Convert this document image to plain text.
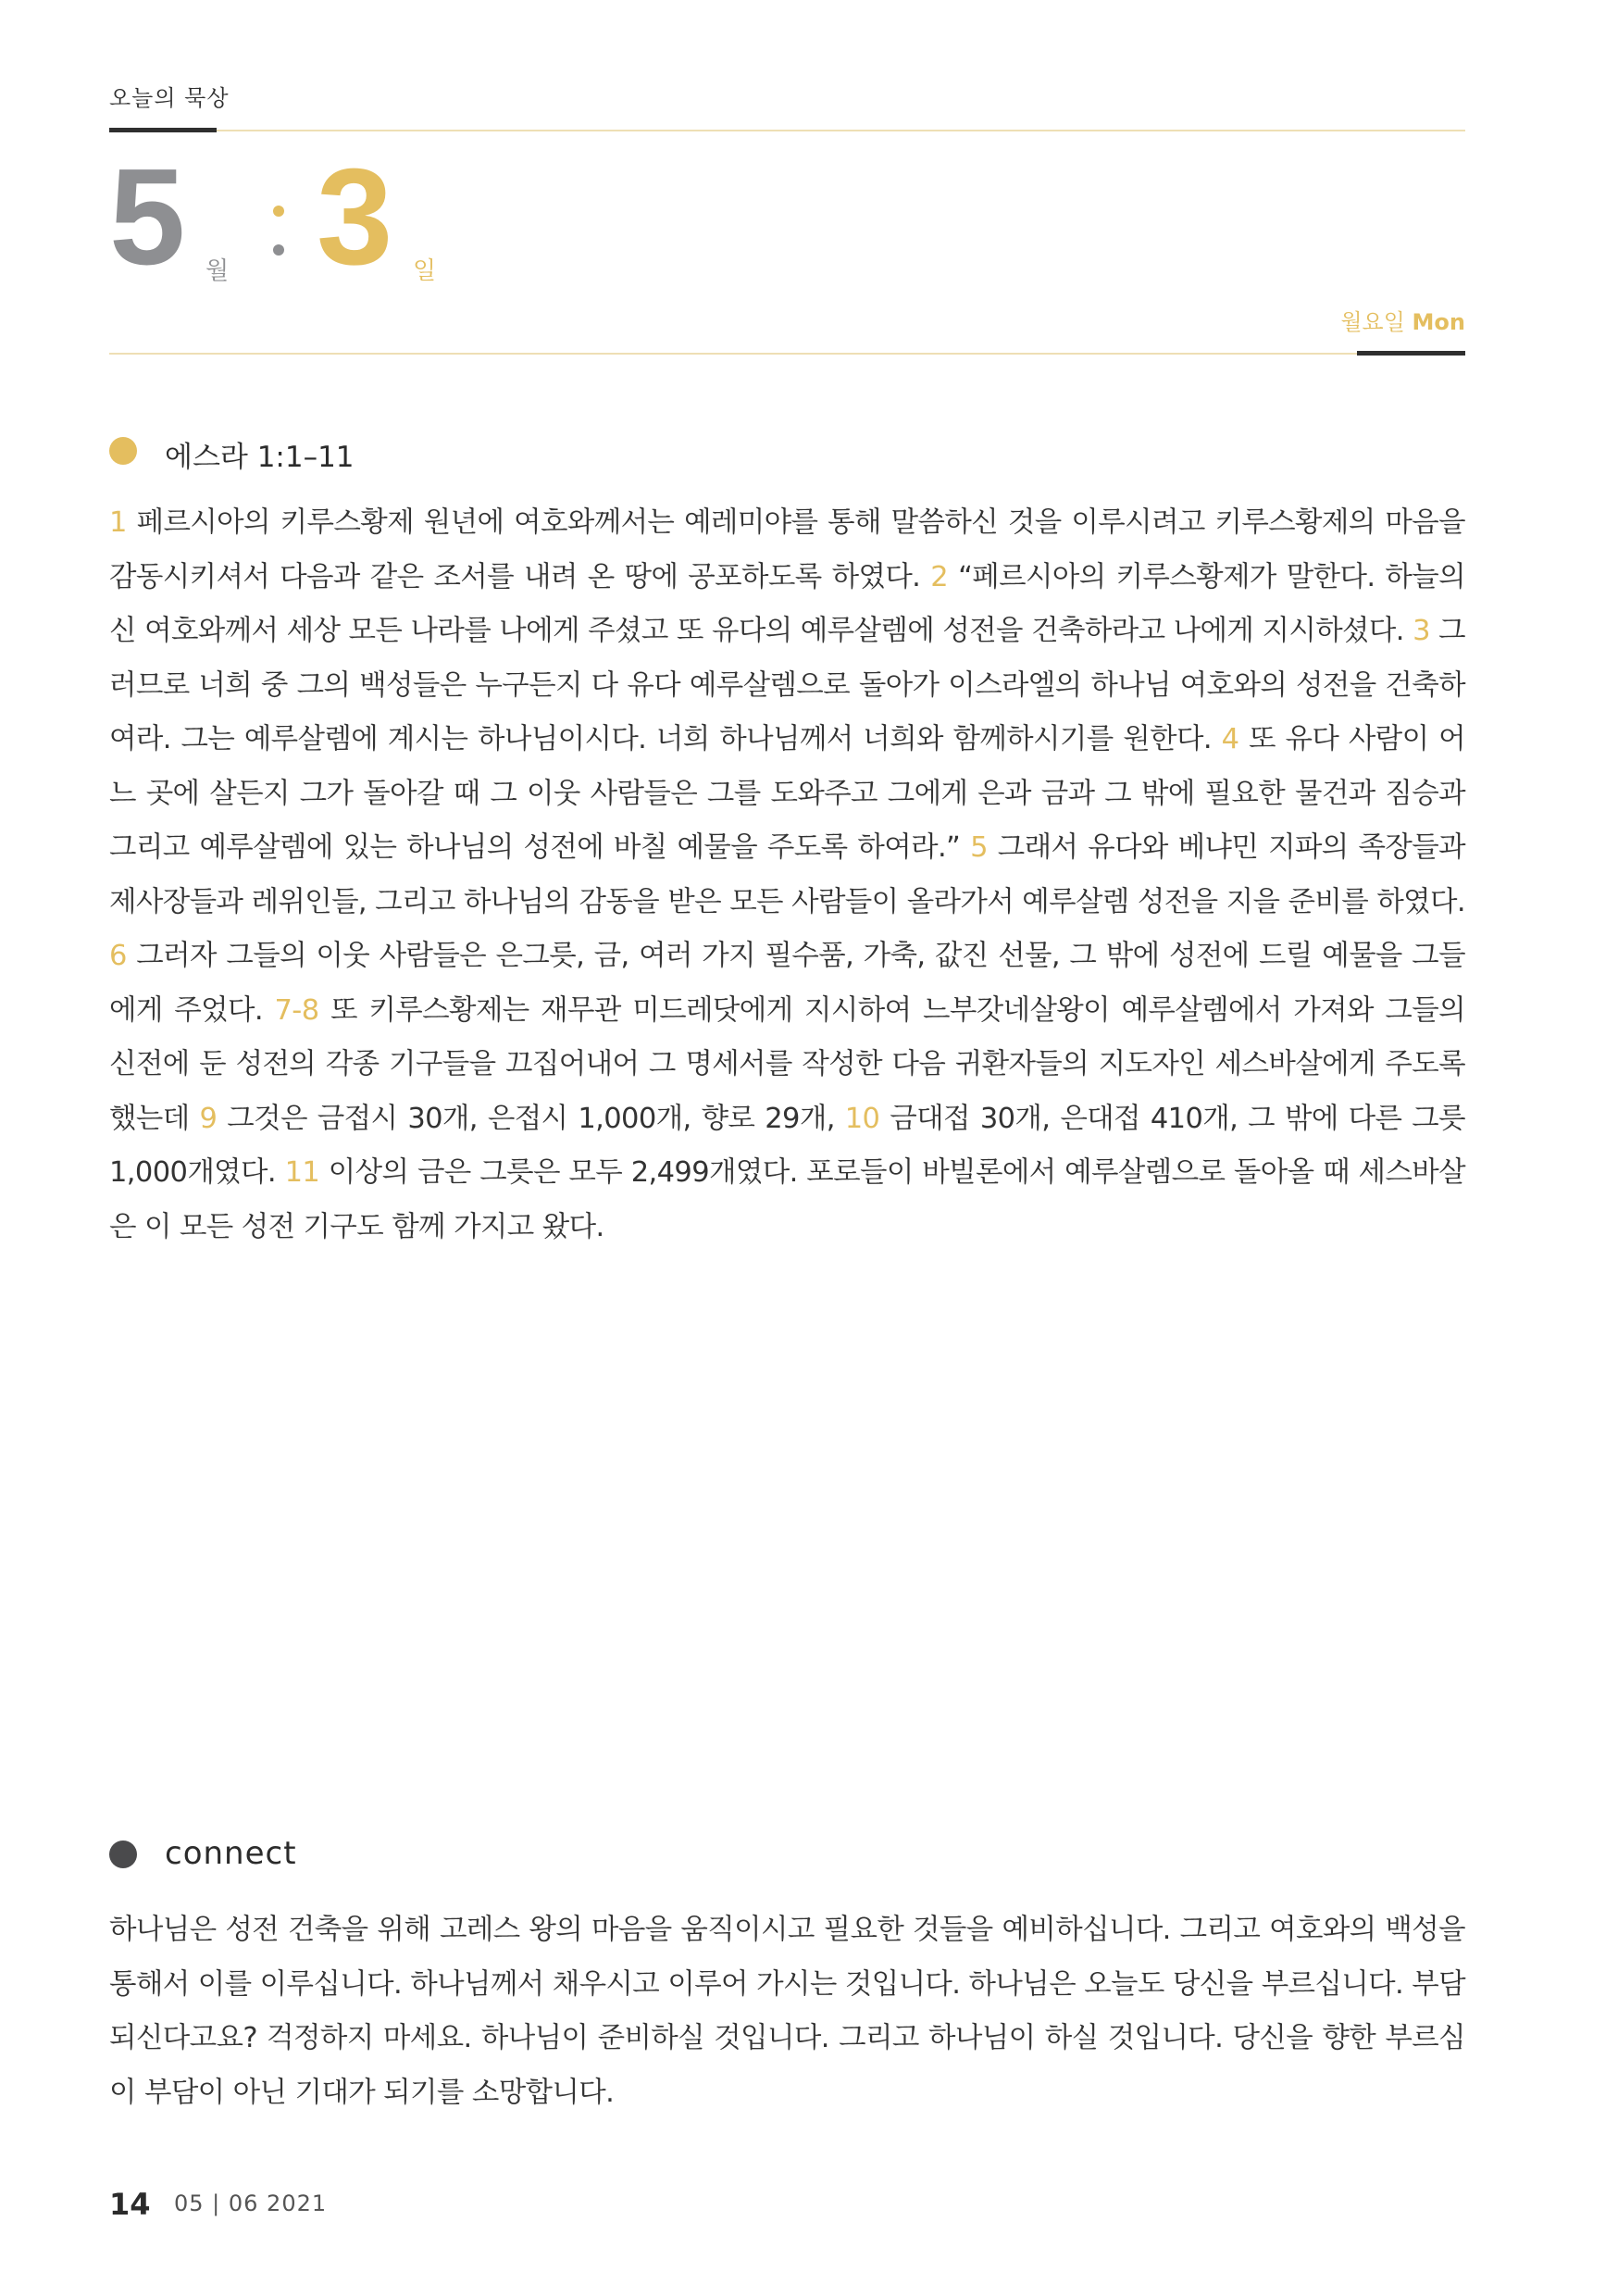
오늘의 묵상
5 월 3 일
월요일 Mon
에스라 1:1–11
1 페르시아의 키루스황제 원년에 여호와께서는 예레미야를 통해 말씀하신 것을 이루시려고 키루스황제의 마음을 감동시키셔서 다음과 같은 조서를 내려 온 땅에 공포하도록 하였다. 2 “페르시아의 키루스황제가 말한다. 하늘의 신 여호와께서 세상 모든 나라를 나에게 주셨고 또 유다의 예루살렘에 성전을 건축하라고 나에게 지시하셨다. 3 그러므로 너희 중 그의 백성들은 누구든지 다 유다 예루살렘으로 돌아가 이스라엘의 하나님 여호와의 성전을 건축하여라. 그는 예루살렘에 계시는 하나님이시다. 너희 하나님께서 너희와 함께하시기를 원한다. 4 또 유다 사람이 어느 곳에 살든지 그가 돌아갈 때 그 이웃 사람들은 그를 도와주고 그에게 은과 금과 그 밖에 필요한 물건과 짐승과 그리고 예루살렘에 있는 하나님의 성전에 바칠 예물을 주도록 하여라.” 5 그래서 유다와 베냐민 지파의 족장들과 제사장들과 레위인들, 그리고 하나님의 감동을 받은 모든 사람들이 올라가서 예루살렘 성전을 지을 준비를 하였다. 6 그러자 그들의 이웃 사람들은 은그릇, 금, 여러 가지 필수품, 가축, 값진 선물, 그 밖에 성전에 드릴 예물을 그들에게 주었다. 7-8 또 키루스황제는 재무관 미드레닷에게 지시하여 느부갓네살왕이 예루살렘에서 가져와 그들의 신전에 둔 성전의 각종 기구들을 끄집어내어 그 명세서를 작성한 다음 귀환자들의 지도자인 세스바살에게 주도록 했는데 9 그것은 금접시 30개, 은접시 1,000개, 향로 29개, 10 금대접 30개, 은대접 410개, 그 밖에 다른 그릇 1,000개였다. 11 이상의 금은 그릇은 모두 2,499개였다. 포로들이 바빌론에서 예루살렘으로 돌아올 때 세스바살은 이 모든 성전 기구도 함께 가지고 왔다.
connect
하나님은 성전 건축을 위해 고레스 왕의 마음을 움직이시고 필요한 것들을 예비하십니다. 그리고 여호와의 백성을 통해서 이를 이루십니다. 하나님께서 채우시고 이루어 가시는 것입니다. 하나님은 오늘도 당신을 부르십니다. 부담되신다고요? 걱정하지 마세요. 하나님이 준비하실 것입니다. 그리고 하나님이 하실 것입니다. 당신을 향한 부르심이 부담이 아닌 기대가 되기를 소망합니다.
14 05 | 06 2021
